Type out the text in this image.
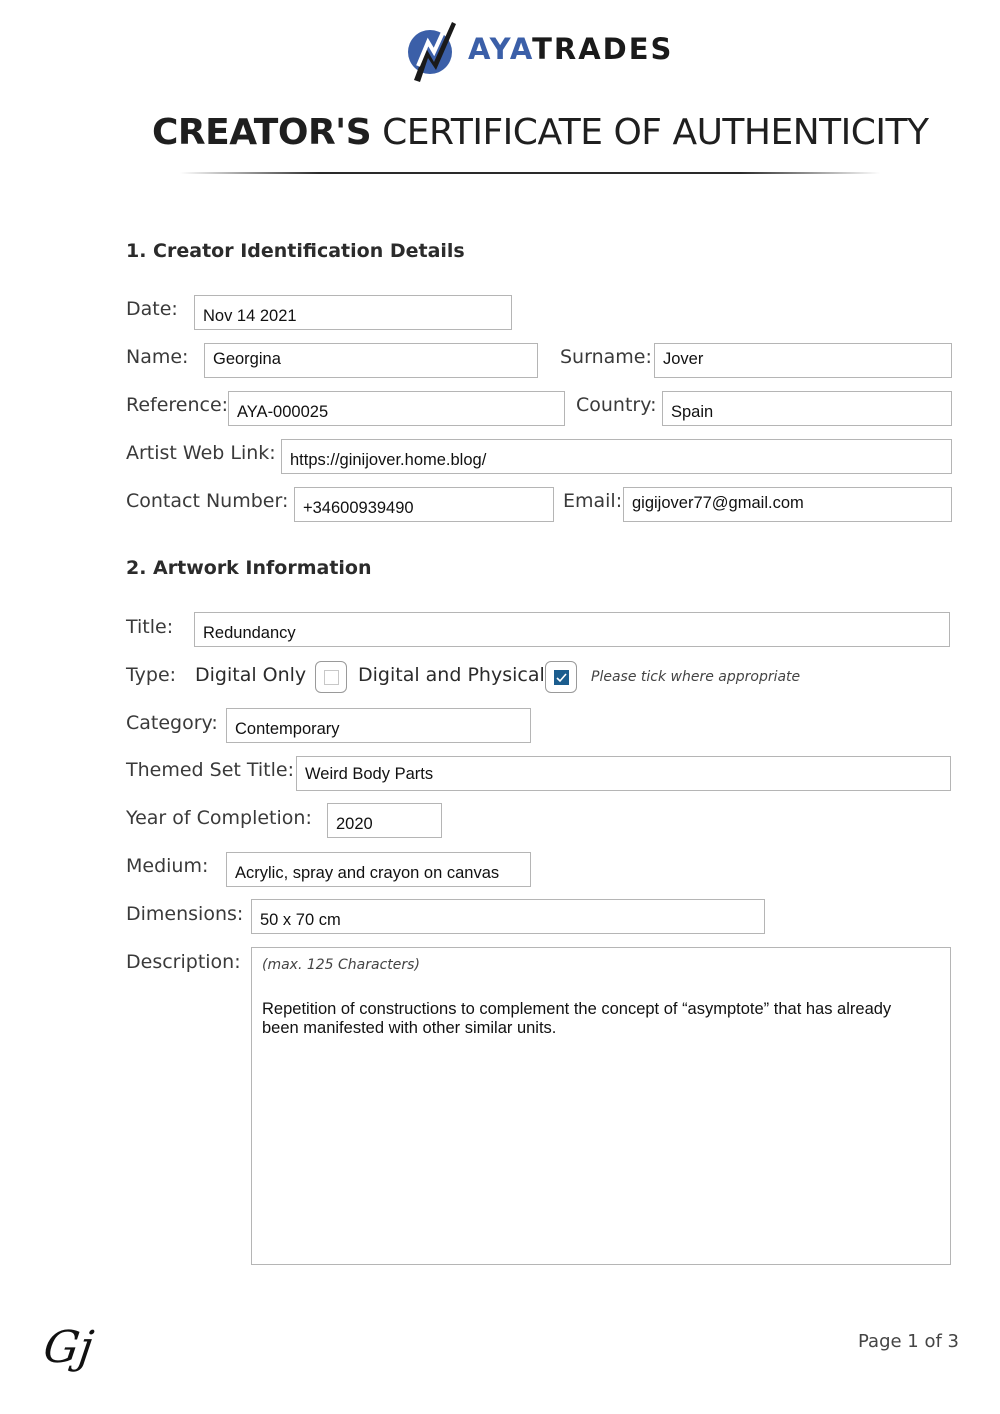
AYATRADES
CREATOR'S CERTIFICATE OF AUTHENTICITY
1. Creator Identification Details
Date: Nov 14 2021
Name: Georgina	Surname: Jover
Reference: AYA-000025	Country: Spain
Artist Web Link: https://ginijover.home.blog/
Contact Number: +34600939490	Email: gigijover77@gmail.com
2. Artwork Information
Title: Redundancy
Type: Digital Only	Digital and Physical	Please tick where appropriate
Category: Contemporary
Themed Set Title: Weird Body Parts
Year of Completion: 2020
Medium: Acrylic, spray and crayon on canvas
Dimensions: 50 x 70 cm
Description: (max. 125 Characters)
Repetition of constructions to complement the concept of “asymptote” that has already been manifested with other similar units.
Gj	Page 1 of 3
